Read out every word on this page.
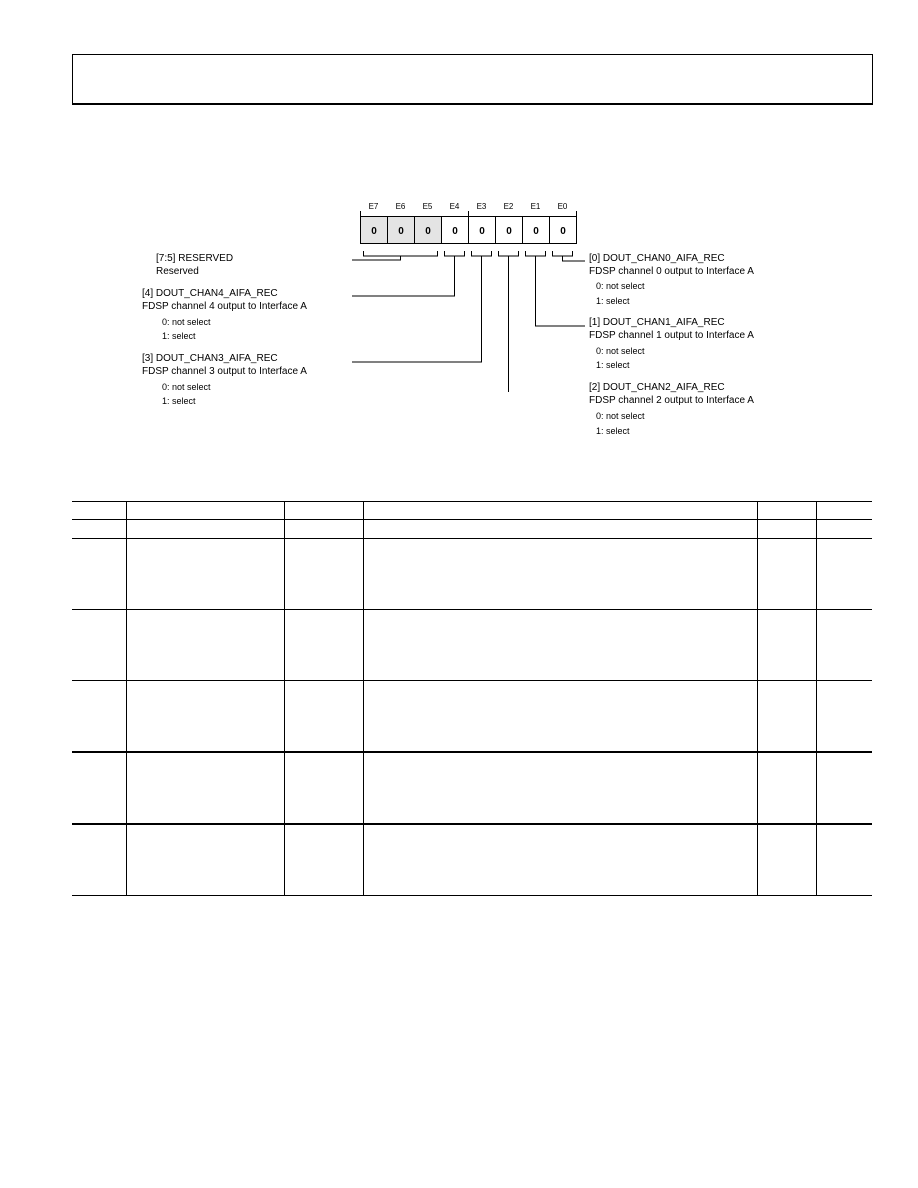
E7
0
E6
0
E5
0
E4
0
E3
0
E2
0
E1
0
E0
0
[7:5] RESERVED
Reserved
[4] DOUT_CHAN4_AIFA_REC
FDSP channel 4 output to Interface A
0: not select
1: select
[3] DOUT_CHAN3_AIFA_REC
FDSP channel 3 output to Interface A
0: not select
1: select
[0] DOUT_CHAN0_AIFA_REC
FDSP channel 0 output to Interface A
0: not select
1: select
[1] DOUT_CHAN1_AIFA_REC
FDSP channel 1 output to Interface A
0: not select
1: select
[2] DOUT_CHAN2_AIFA_REC
FDSP channel 2 output to Interface A
0: not select
1: select
